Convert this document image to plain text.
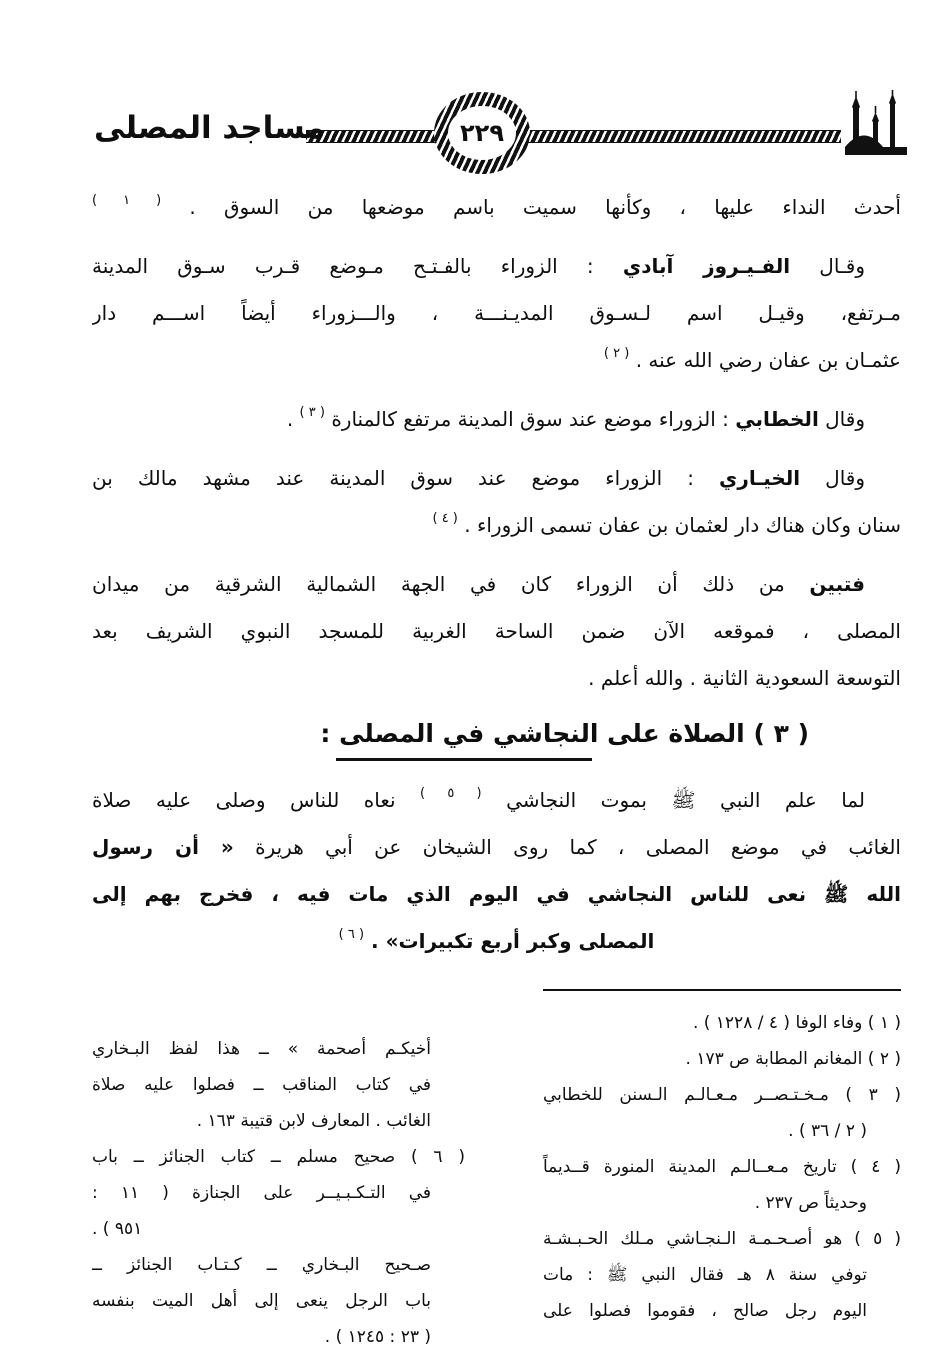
٢٢٩
مساجد المصلى
أحدث النداء عليها ، وكأنها سميت باسم موضعها من السوق . $^{( ١ )}$
وقـال الفـيـروز آبادي : الزوراء بالفـتـح مـوضع قـرب سـوق المدينة
مـرتفع، وقيـل اسم لـسـوق المديـنـــة ، والـــزوراء أيضاً اســـم دار
عثمـان بن عفان رضي الله عنه . $^{( ٢ )}$
وقال الخطابي : الزوراء موضع عند سوق المدينة مرتفع كالمنارة $^{( ٣ )}$ .
وقال الخيـاري : الزوراء موضع عند سوق المدينة عند مشهد مالك بن
سنان وكان هناك دار لعثمان بن عفان تسمى الزوراء . $^{( ٤ )}$
فتبين من ذلك أن الزوراء كان في الجهة الشمالية الشرقية من ميدان
المصلى ، فموقعه الآن ضمن الساحة الغربية للمسجد النبوي الشريف بعد
التوسعة السعودية الثانية . والله أعلم .
( ٣ ) الصلاة على النجاشي في المصلى :
لما علم النبي ﷺ بموت النجاشي $^{( ٥ )}$ نعاه للناس وصلى عليه صلاة
الغائب في موضع المصلى ، كما روى الشيخان عن أبي هريرة « أن رسول
الله ﷺ نعى للناس النجاشي في اليوم الذي مات فيه ، فخرج بهم إلى
المصلى وكبر أربع تكبيرات» . $^{( ٦ )}$
( ١ ) وفاء الوفا ( ٤ / ١٢٢٨ ) .
( ٢ ) المغانم المطابة ص ١٧٣ .
( ٣ ) مـخـتـصــر مـعـالـم الـسنن للخطابي
( ٢ / ٣٦ ) .
( ٤ ) تاريخ مـعــالـم المدينة المنورة قــديماً
وحديثاً ص ٢٣٧ .
( ٥ ) هو أصـحـمـة الـنجـاشي مـلك الحـبـشـة
توفي سنة ٨ هـ فقال النبي ﷺ : مات
اليوم رجل صالح ، فقوموا فصلوا على
أخيكـم أصحمة » ــ هذا لفظ البـخاري
في كتاب المناقب ــ فصلوا عليه صلاة
الغائب . المعارف لابن قتيبة ١٦٣ .
( ٦ ) صحيح مسلم ــ كتاب الجنائز ــ باب
في التـكـبـيــر على الجنازة ( ١١ :
٩٥١ ) .
صـحيح البـخاري ــ كـتـاب الجنائز ــ
باب الرجل ينعى إلى أهل الميت بنفسه
( ٢٣ : ١٢٤٥ ) .
